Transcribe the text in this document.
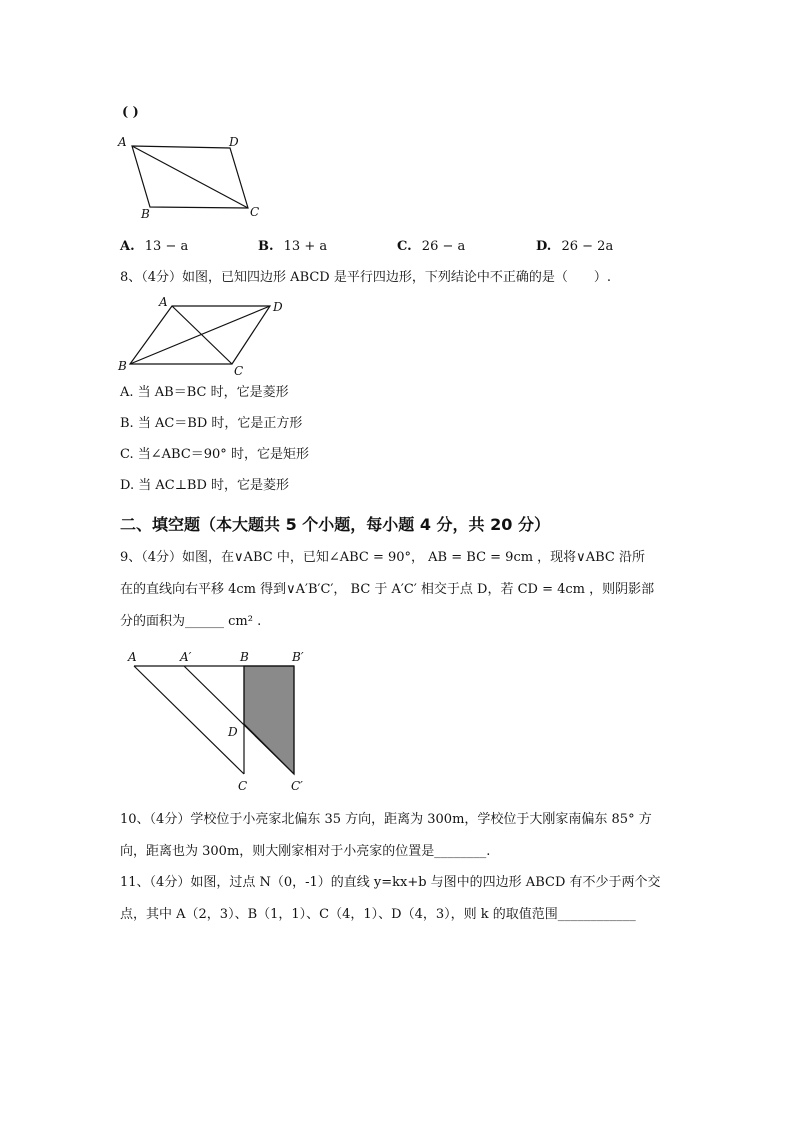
( )
A	D
B	C
A. 13 − a	B. 13 + a	C. 26 − a	D. 26 − 2a
8、（4分）如图，已知四边形 ABCD 是平行四边形，下列结论中不正确的是（　　）.
A	D
B	C
A. 当 AB＝BC 时，它是菱形
B. 当 AC＝BD 时，它是正方形
C. 当∠ABC＝90° 时，它是矩形
D. 当 AC⊥BD 时，它是菱形
二、填空题（本大题共 5 个小题，每小题 4 分，共 20 分）
9、（4分）如图，在∨ABC 中，已知∠ABC = 90°， AB = BC = 9cm ，现将∨ABC 沿所
在的直线向右平移 4cm 得到∨A′B′C′， BC 于 A′C′ 相交于点 D，若 CD = 4cm ，则阴影部
分的面积为______ cm² .
A	A′	B	B′
D
C	C′
10、（4分）学校位于小亮家北偏东 35 方向，距离为 300m，学校位于大刚家南偏东 85° 方
向，距离也为 300m，则大刚家相对于小亮家的位置是________.
11、（4分）如图，过点 N（0，-1）的直线 y=kx+b 与图中的四边形 ABCD 有不少于两个交
点，其中 A（2，3）、B（1，1）、C（4，1）、D（4，3），则 k 的取值范围____________
